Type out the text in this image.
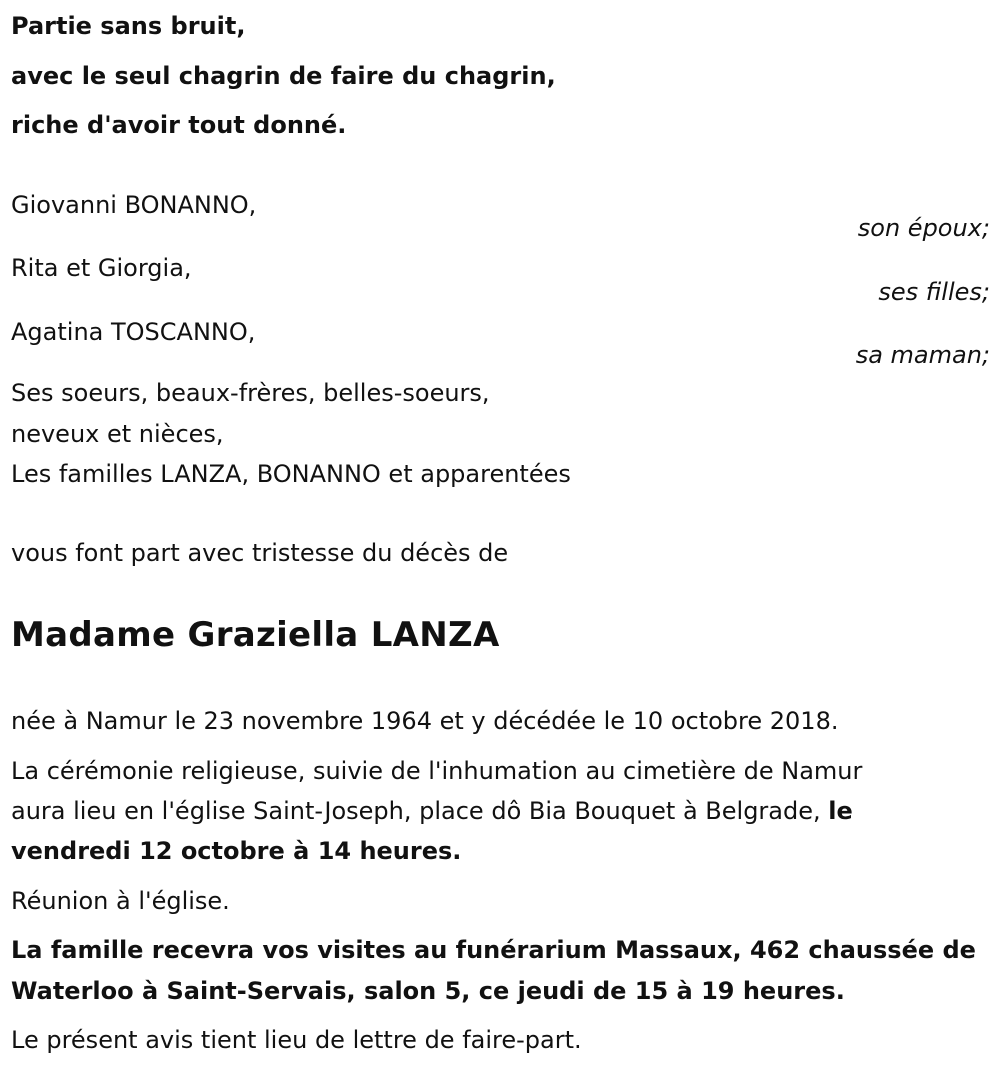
Partie sans bruit,
avec le seul chagrin de faire du chagrin,
riche d'avoir tout donné.
Giovanni BONANNO,
son époux;
Rita et Giorgia,
ses filles;
Agatina TOSCANNO,
sa maman;
Ses soeurs, beaux-frères, belles-soeurs,
neveux et nièces,
Les familles LANZA, BONANNO et apparentées
vous font part avec tristesse du décès de
Madame Graziella LANZA
née à Namur le 23 novembre 1964 et y décédée le 10 octobre 2018.
La cérémonie religieuse, suivie de l'inhumation au cimetière de Namur
aura lieu en l'église Saint-Joseph, place dô Bia Bouquet à Belgrade, le
vendredi 12 octobre à 14 heures.
Réunion à l'église.
La famille recevra vos visites au funérarium Massaux, 462 chaussée de
Waterloo à Saint-Servais, salon 5, ce jeudi de 15 à 19 heures.
Le présent avis tient lieu de lettre de faire-part.
